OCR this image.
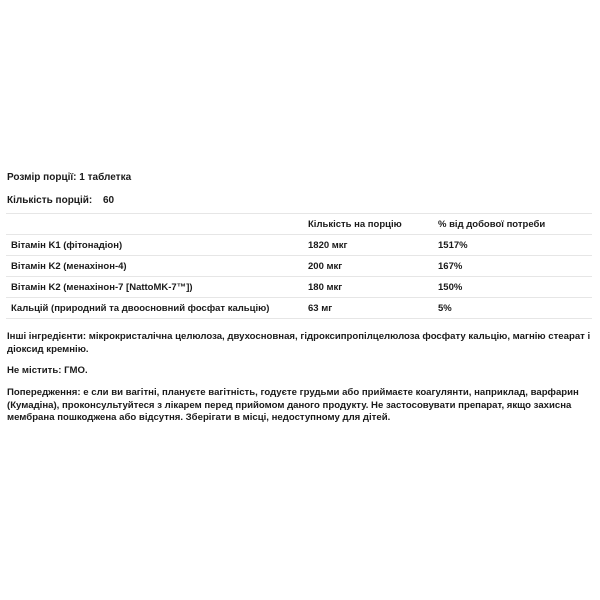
Розмір порції: 1 таблетка
Кількість порцій: 60
	Кількість на порцію	% від добової потреби
Вітамін K1 (фітонадіон)	1820 мкг	1517%
Вітамін K2 (менахінон-4)	200 мкг	167%
Вітамін K2 (менахінон-7 [NattoMK-7™])	180 мкг	150%
Кальцій (природний та двоосновний фосфат кальцію)	63 мг	5%
Інші інгредієнти: мікрокристалічна целюлоза, двухосновная, гідроксипропілцелюлоза фосфату кальцію, магнію стеарат і діоксид кремнію.
Не містить: ГМО.
Попередження: е сли ви вагітні, плануєте вагітність, годуєте грудьми або приймаєте коагулянти, наприклад, варфарин (Кумадіна), проконсультуйтеся з лікарем перед прийомом даного продукту. Не застосовувати препарат, якщо захисна мембрана пошкоджена або відсутня. Зберігати в місці, недоступному для дітей.
